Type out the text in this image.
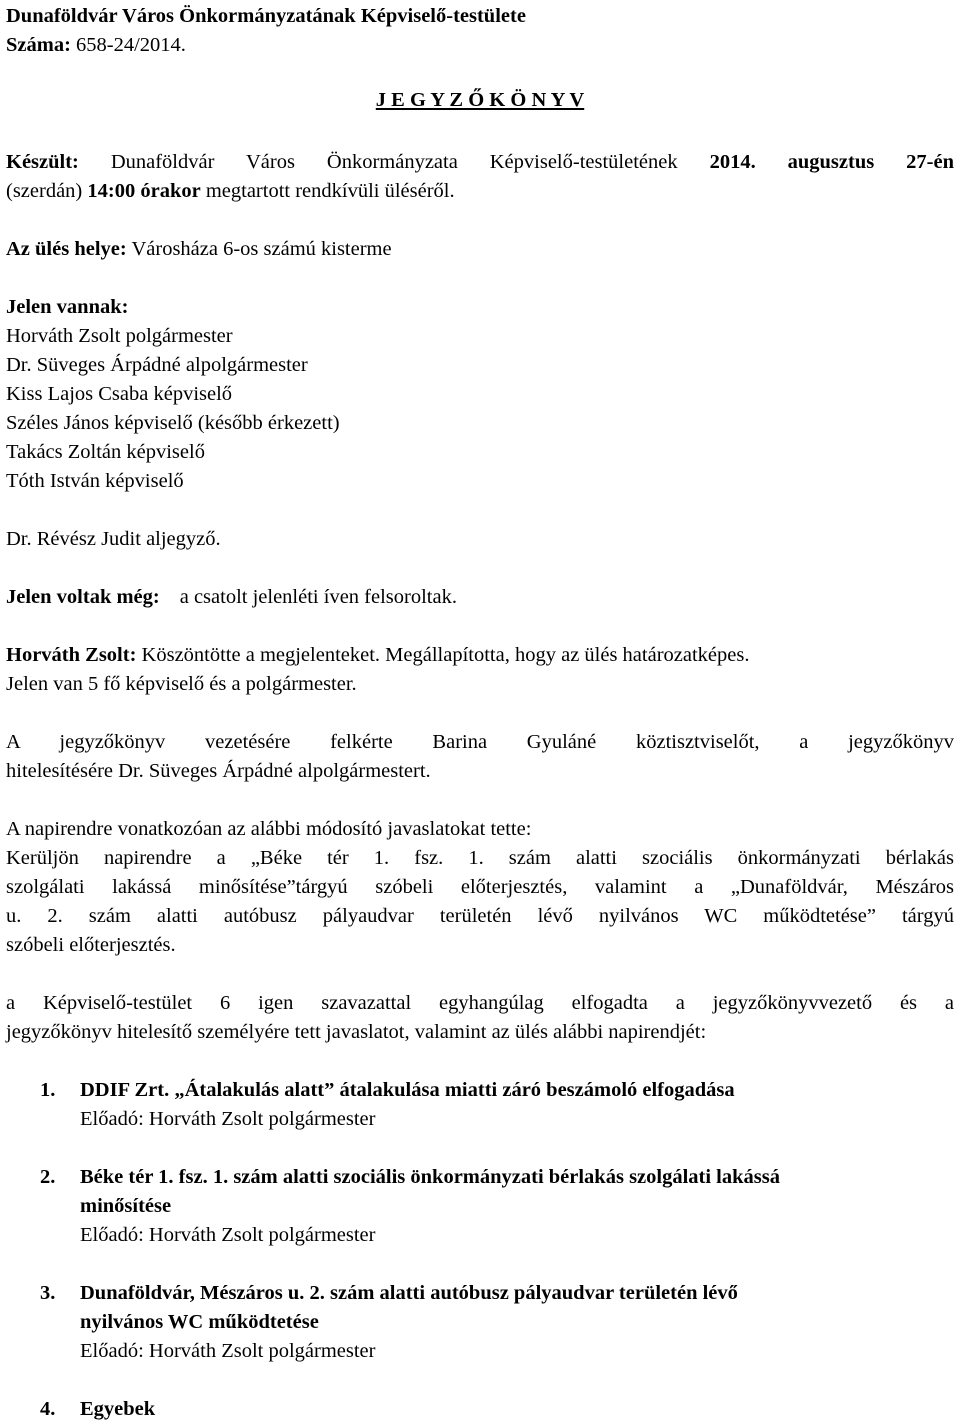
Dunaföldvár Város Önkormányzatának Képviselő-testülete
Száma: 658-24/2014.
J E G Y Z Ő K Ö N Y V
Készült: Dunaföldvár Város Önkormányzata Képviselő-testületének 2014. augusztus 27-én
(szerdán) 14:00 órakor megtartott rendkívüli üléséről.
Az ülés helye: Városháza 6-os számú kisterme
Jelen vannak:
Horváth Zsolt polgármester
Dr. Süveges Árpádné alpolgármester
Kiss Lajos Csaba képviselő
Széles János képviselő (később érkezett)
Takács Zoltán képviselő
Tóth István képviselő
Dr. Révész Judit aljegyző.
Jelen voltak még: a csatolt jelenléti íven felsoroltak.
Horváth Zsolt: Köszöntötte a megjelenteket. Megállapította, hogy az ülés határozatképes.
Jelen van 5 fő képviselő és a polgármester.
A jegyzőkönyv vezetésére felkérte Barina Gyuláné köztisztviselőt, a jegyzőkönyv
hitelesítésére Dr. Süveges Árpádné alpolgármestert.
A napirendre vonatkozóan az alábbi módosító javaslatokat tette:
Kerüljön napirendre a „Béke tér 1. fsz. 1. szám alatti szociális önkormányzati bérlakás
szolgálati lakássá minősítése”tárgyú szóbeli előterjesztés, valamint a „Dunaföldvár, Mészáros
u. 2. szám alatti autóbusz pályaudvar területén lévő nyilvános WC működtetése” tárgyú
szóbeli előterjesztés.
a Képviselő-testület 6 igen szavazattal egyhangúlag elfogadta a jegyzőkönyvvezető és a
jegyzőkönyv hitelesítő személyére tett javaslatot, valamint az ülés alábbi napirendjét:
1. DDIF Zrt. „Átalakulás alatt” átalakulása miatti záró beszámoló elfogadása
Előadó: Horváth Zsolt polgármester
2. Béke tér 1. fsz. 1. szám alatti szociális önkormányzati bérlakás szolgálati lakássá
minősítése
Előadó: Horváth Zsolt polgármester
3. Dunaföldvár, Mészáros u. 2. szám alatti autóbusz pályaudvar területén lévő
nyilvános WC működtetése
Előadó: Horváth Zsolt polgármester
4. Egyebek
